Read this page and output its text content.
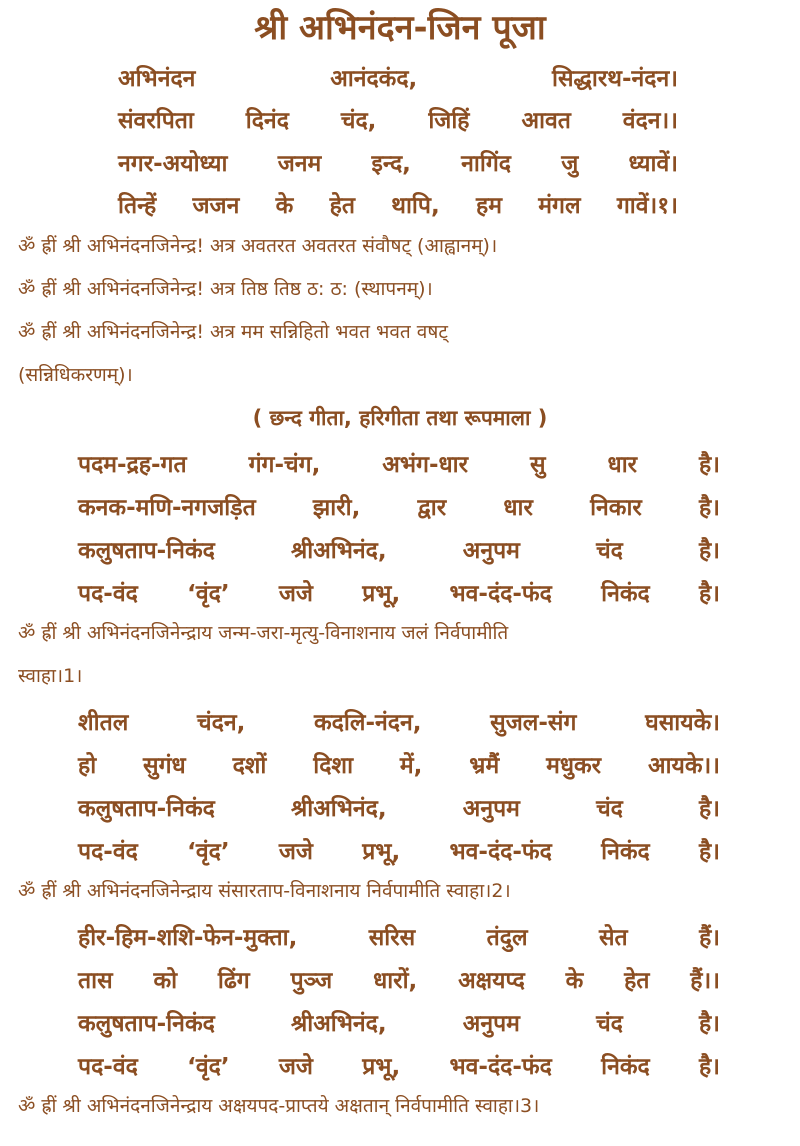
श्री अभिनंदन-जिन पूजा
अभिनंदन	आनंदकंद,	सिद्धारथ-नंदन।
संवरपिता दिनंद चंद, जिहिं आवत वंदन।।
नगर-अयोध्या जनम इन्द, नागिंद जु ध्यावें।
तिन्हें जजन के हेत थापि, हम मंगल गावें।१।
ॐ ह्रीं श्री अभिनंदनजिनेन्द्र! अत्र अवतरत अवतरत संवौषट् (आह्वानम्)।
ॐ ह्रीं श्री अभिनंदनजिनेन्द्र! अत्र तिष्ठ तिष्ठ ठ: ठ: (स्थापनम्)।
ॐ ह्रीं श्री अभिनंदनजिनेन्द्र! अत्र मम सन्निहितो भवत भवत वषट्
(सन्निधिकरणम्)।
( छन्द गीता, हरिगीता तथा रूपमाला )
पदम-द्रह-गत	गंग-चंग,	अभंग-धार	सु	धार	है।
कनक-मणि-नगजड़ित झारी, द्वार धार निकार है।
कलुषताप-निकंद	श्रीअभिनंद,	अनुपम	चंद	है।
पद-वंद ‘वृंद’ जजे प्रभू, भव-दंद-फंद निकंद है।
ॐ ह्रीं श्री अभिनंदनजिनेन्द्राय जन्म-जरा-मृत्यु-विनाशनाय जलं निर्वपामीति
स्वाहा।1।
शीतल	चंदन,	कदलि-नंदन,	सुजल-संग	घसायके।
हो सुगंध दशों दिशा में, भ्रमैं मधुकर आयके।।
कलुषताप-निकंद	श्रीअभिनंद,	अनुपम	चंद	है।
पद-वंद ‘वृंद’ जजे प्रभू, भव-दंद-फंद निकंद है।
ॐ ह्रीं श्री अभिनंदनजिनेन्द्राय संसारताप-विनाशनाय निर्वपामीति स्वाहा।2।
हीर-हिम-शशि-फेन-मुक्ता,	सरिस	तंदुल	सेत	हैं।
तास को ढिंग पुञ्ज धारों, अक्षयप्द के हेत हैं।।
कलुषताप-निकंद	श्रीअभिनंद,	अनुपम	चंद	है।
पद-वंद ‘वृंद’ जजे प्रभू, भव-दंद-फंद निकंद है।
ॐ ह्रीं श्री अभिनंदनजिनेन्द्राय अक्षयपद-प्राप्तये अक्षतान् निर्वपामीति स्वाहा।3।
